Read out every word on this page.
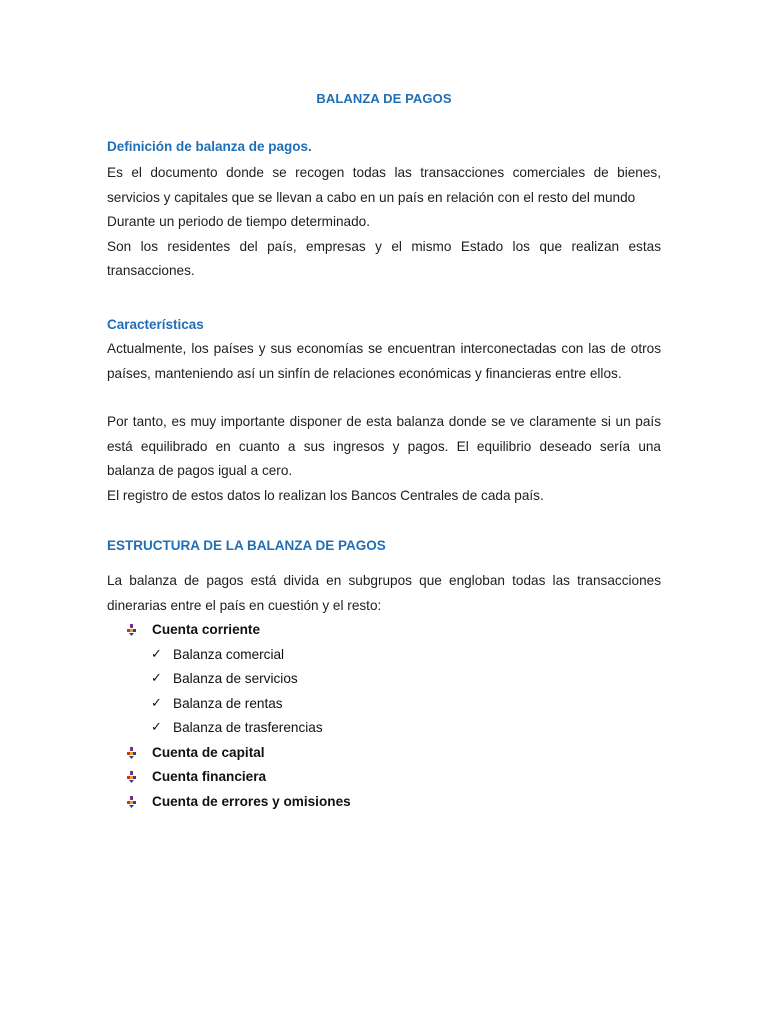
BALANZA DE PAGOS
Definición de balanza de pagos.
Es el documento donde se recogen todas las transacciones comerciales de bienes,
servicios y capitales que se llevan a cabo en un país en relación con el resto del mundo
Durante un periodo de tiempo determinado.
Son los residentes del país, empresas y el mismo Estado los que realizan estas
transacciones.
Características
Actualmente, los países y sus economías se encuentran interconectadas con las de otros
países, manteniendo así un sinfín de relaciones económicas y financieras entre ellos.
Por tanto, es muy importante disponer de esta balanza donde se ve claramente si un país
está equilibrado en cuanto a sus ingresos y pagos. El equilibrio deseado sería una
balanza de pagos igual a cero.
El registro de estos datos lo realizan los Bancos Centrales de cada país.
ESTRUCTURA DE LA BALANZA DE PAGOS
La balanza de pagos está divida en subgrupos que engloban todas las transacciones
dinerarias entre el país en cuestión y el resto:
Cuenta corriente
✓ Balanza comercial
✓ Balanza de servicios
✓ Balanza de rentas
✓ Balanza de trasferencias
Cuenta de capital
Cuenta financiera
Cuenta de errores y omisiones
